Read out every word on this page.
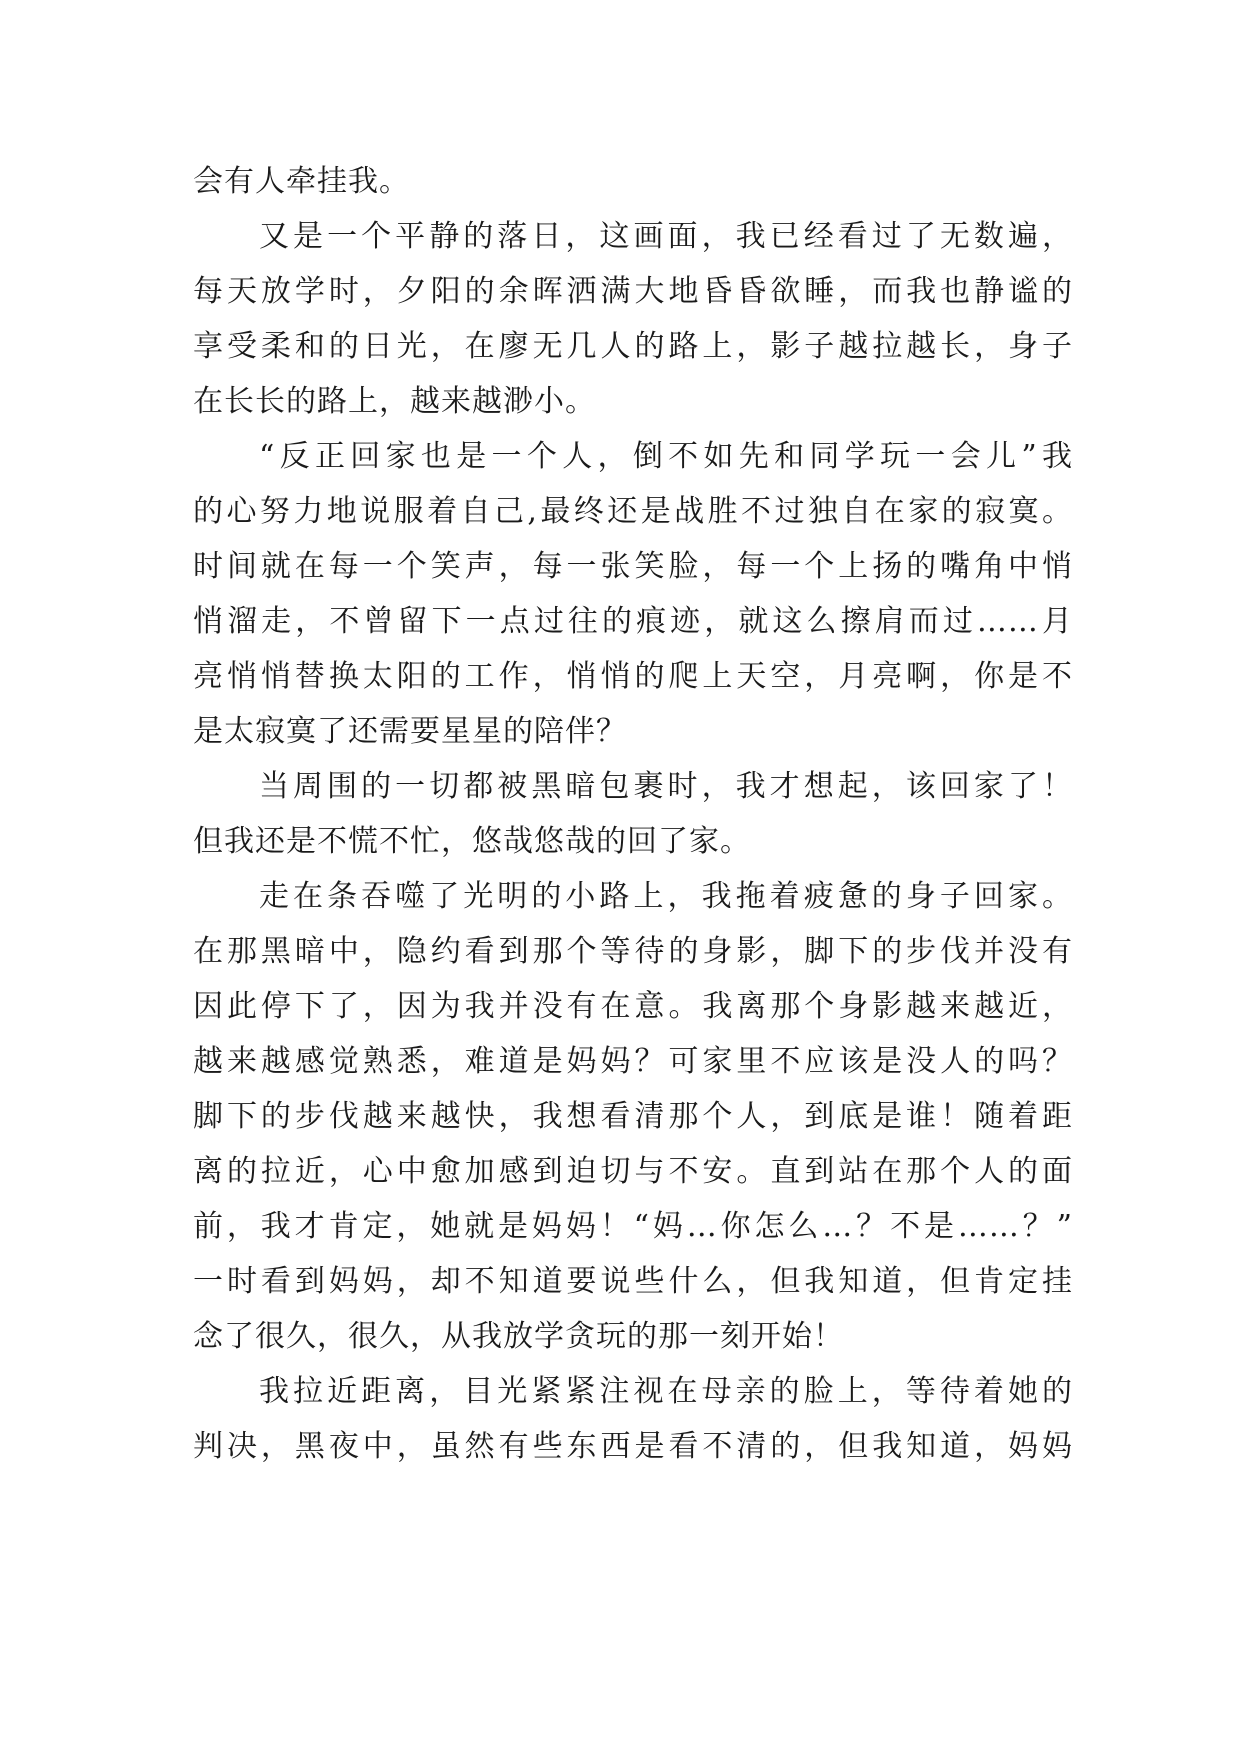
会有人牵挂我。
又是一个平静的落日，这画面，我已经看过了无数遍，
每天放学时，夕阳的余晖洒满大地昏昏欲睡，而我也静谧的
享受柔和的日光，在廖无几人的路上，影子越拉越长，身子
在长长的路上，越来越渺小。
“反正回家也是一个人，倒不如先和同学玩一会儿”我
的心努力地说服着自己,最终还是战胜不过独自在家的寂寞。
时间就在每一个笑声，每一张笑脸，每一个上扬的嘴角中悄
悄溜走，不曾留下一点过往的痕迹，就这么擦肩而过……月
亮悄悄替换太阳的工作，悄悄的爬上天空，月亮啊，你是不
是太寂寞了还需要星星的陪伴？
当周围的一切都被黑暗包裹时，我才想起，该回家了！
但我还是不慌不忙，悠哉悠哉的回了家。
走在条吞噬了光明的小路上，我拖着疲惫的身子回家。
在那黑暗中，隐约看到那个等待的身影，脚下的步伐并没有
因此停下了，因为我并没有在意。我离那个身影越来越近，
越来越感觉熟悉，难道是妈妈？可家里不应该是没人的吗？
脚下的步伐越来越快，我想看清那个人，到底是谁！随着距
离的拉近，心中愈加感到迫切与不安。直到站在那个人的面
前，我才肯定，她就是妈妈！“妈…你怎么…？不是……？”
一时看到妈妈，却不知道要说些什么，但我知道，但肯定挂
念了很久，很久，从我放学贪玩的那一刻开始！
我拉近距离，目光紧紧注视在母亲的脸上，等待着她的
判决，黑夜中，虽然有些东西是看不清的，但我知道，妈妈
